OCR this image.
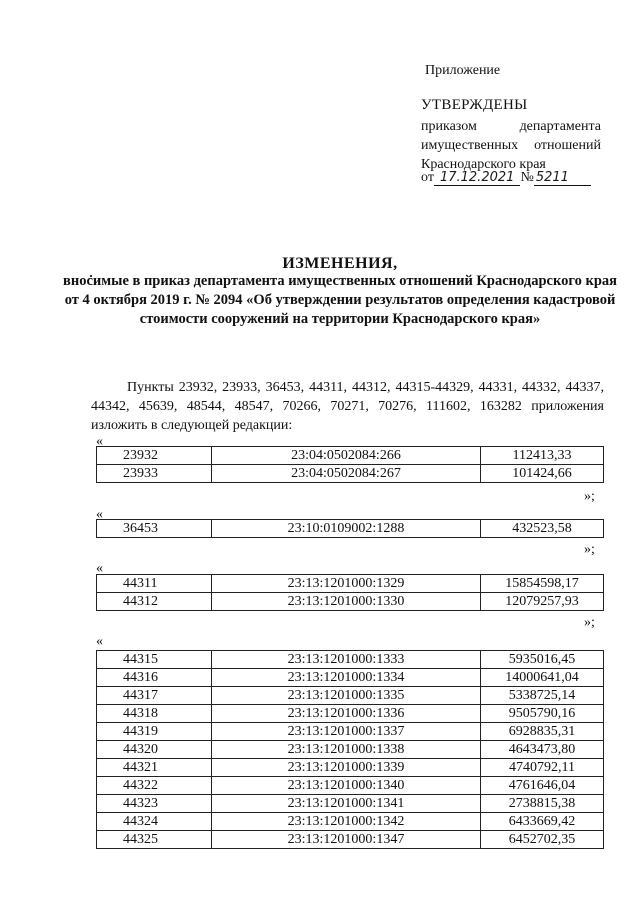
Приложение
УТВЕРЖДЕНЫ
приказом департамента
имущественных отношений
Краснодарского края
от 17.12.2021 № 5211
ИЗМЕНЕНИЯ,
вносимые в приказ департамента имущественных отношений Краснодарского края от 4 октября 2019 г. № 2094 «Об утверждении результатов определения кадастровой стоимости сооружений на территории Краснодарского края»
Пункты 23932, 23933, 36453, 44311, 44312, 44315-44329, 44331, 44332, 44337, 44342, 45639, 48544, 48547, 70266, 70271, 70276, 111602, 163282 приложения изложить в следующей редакции:
«
23932	23:04:0502084:266	112413,33
23933	23:04:0502084:267	101424,66
»;
«
36453	23:10:0109002:1288	432523,58
»;
«
44311	23:13:1201000:1329	15854598,17
44312	23:13:1201000:1330	12079257,93
»;
«
44315	23:13:1201000:1333	5935016,45
44316	23:13:1201000:1334	14000641,04
44317	23:13:1201000:1335	5338725,14
44318	23:13:1201000:1336	9505790,16
44319	23:13:1201000:1337	6928835,31
44320	23:13:1201000:1338	4643473,80
44321	23:13:1201000:1339	4740792,11
44322	23:13:1201000:1340	4761646,04
44323	23:13:1201000:1341	2738815,38
44324	23:13:1201000:1342	6433669,42
44325	23:13:1201000:1347	6452702,35
